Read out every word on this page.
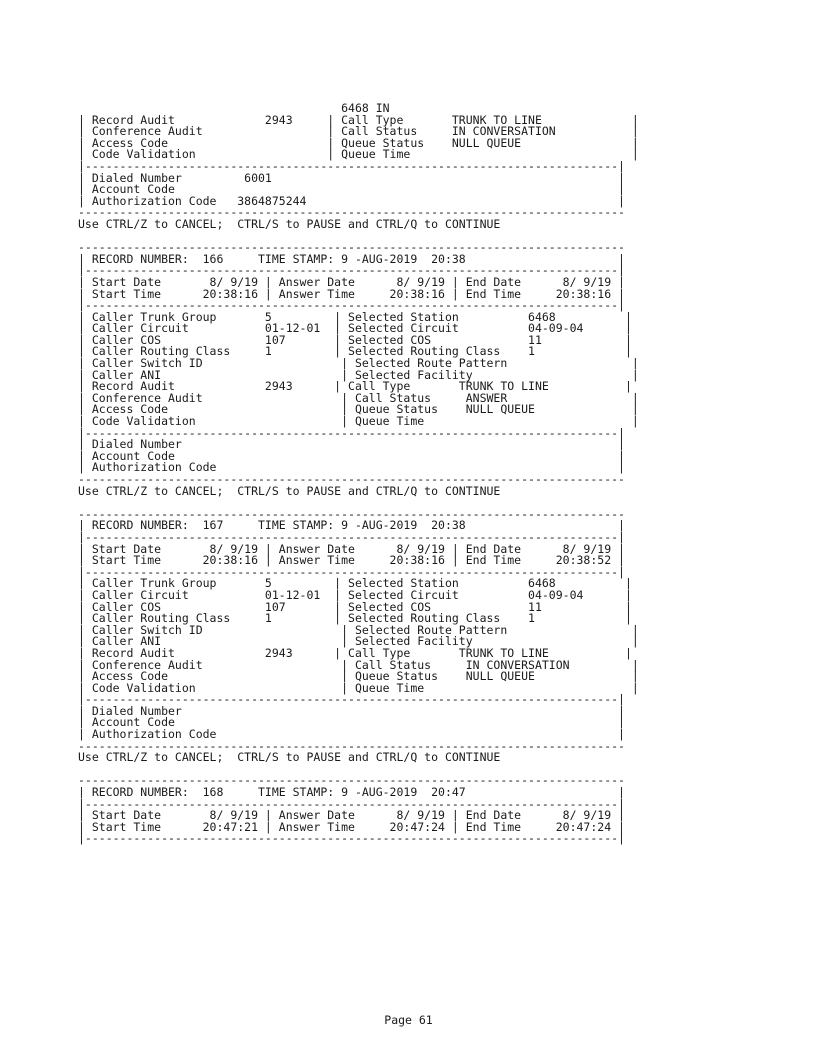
6468 IN
| Record Audit             2943     | Call Type       TRUNK TO LINE             |
| Conference Audit                  | Call Status     IN CONVERSATION           |
| Access Code                       | Queue Status    NULL QUEUE                |
| Code Validation                   | Queue Time                                |
|-----------------------------------------------------------------------------|
| Dialed Number         6001                                                  |
| Account Code                                                                |
| Authorization Code   3864875244                                             |
-------------------------------------------------------------------------------
Use CTRL/Z to CANCEL;  CTRL/S to PAUSE and CTRL/Q to CONTINUE
-------------------------------------------------------------------------------
| RECORD NUMBER:  166     TIME STAMP: 9 -AUG-2019  20:38                      |
|-----------------------------------------------------------------------------|
| Start Date       8/ 9/19 | Answer Date      8/ 9/19 | End Date      8/ 9/19 |
| Start Time      20:38:16 | Answer Time     20:38:16 | End Time     20:38:16 |
|-----------------------------------------------------------------------------|
| Caller Trunk Group       5         | Selected Station          6468          |
| Caller Circuit           01-12-01  | Selected Circuit          04-09-04      |
| Caller COS               107       | Selected COS              11            |
| Caller Routing Class     1         | Selected Routing Class    1             |
| Caller Switch ID                    | Selected Route Pattern                  |
| Caller ANI                          | Selected Facility                       |
| Record Audit             2943      | Call Type       TRUNK TO LINE           |
| Conference Audit                    | Call Status     ANSWER                  |
| Access Code                         | Queue Status    NULL QUEUE              |
| Code Validation                     | Queue Time                              |
|-----------------------------------------------------------------------------|
| Dialed Number                                                               |
| Account Code                                                                |
| Authorization Code                                                          |
-------------------------------------------------------------------------------
Use CTRL/Z to CANCEL;  CTRL/S to PAUSE and CTRL/Q to CONTINUE
-------------------------------------------------------------------------------
| RECORD NUMBER:  167     TIME STAMP: 9 -AUG-2019  20:38                      |
|-----------------------------------------------------------------------------|
| Start Date       8/ 9/19 | Answer Date      8/ 9/19 | End Date      8/ 9/19 |
| Start Time      20:38:16 | Answer Time     20:38:16 | End Time     20:38:52 |
|-----------------------------------------------------------------------------|
| Caller Trunk Group       5         | Selected Station          6468          |
| Caller Circuit           01-12-01  | Selected Circuit          04-09-04      |
| Caller COS               107       | Selected COS              11            |
| Caller Routing Class     1         | Selected Routing Class    1             |
| Caller Switch ID                    | Selected Route Pattern                  |
| Caller ANI                          | Selected Facility                       |
| Record Audit             2943      | Call Type       TRUNK TO LINE           |
| Conference Audit                    | Call Status     IN CONVERSATION         |
| Access Code                         | Queue Status    NULL QUEUE              |
| Code Validation                     | Queue Time                              |
|-----------------------------------------------------------------------------|
| Dialed Number                                                               |
| Account Code                                                                |
| Authorization Code                                                          |
-------------------------------------------------------------------------------
Use CTRL/Z to CANCEL;  CTRL/S to PAUSE and CTRL/Q to CONTINUE
-------------------------------------------------------------------------------
| RECORD NUMBER:  168     TIME STAMP: 9 -AUG-2019  20:47                      |
|-----------------------------------------------------------------------------|
| Start Date       8/ 9/19 | Answer Date      8/ 9/19 | End Date      8/ 9/19 |
| Start Time      20:47:21 | Answer Time     20:47:24 | End Time     20:47:24 |
|-----------------------------------------------------------------------------|
Page 61
